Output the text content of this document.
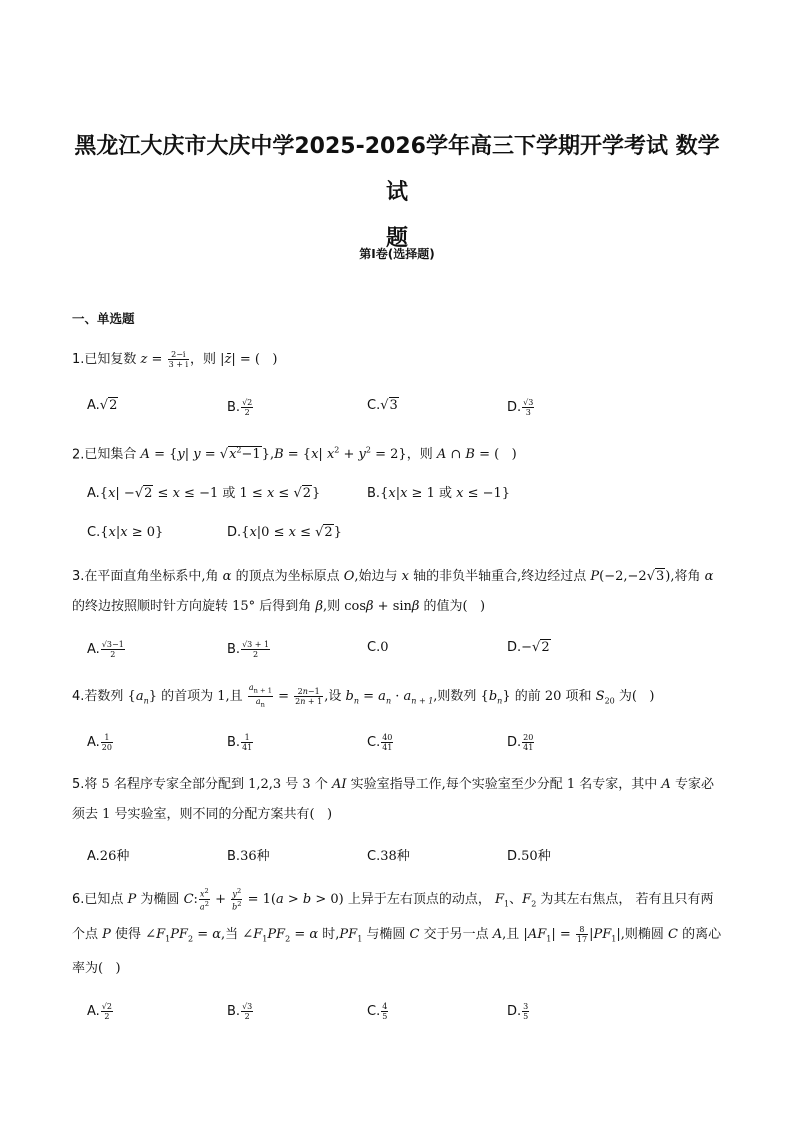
黑龙江大庆市大庆中学2025-2026学年高三下学期开学考试 数学试
题
第I卷(选择题)
一、单选题
1.已知复数 $z = \frac{2-i}{3 + i}$ ，则 |z̄| = (   )
A.√2	B. $\frac{√2}{2}$	C.√3	D. $\frac{√3}{3}$
2.已知集合 A = {y| $y = √x^2-1\},B = \{x|$ $x^2 + y^2 = 2$}，则 A ∩ B = (   )
A.{x| −√2 ≤ x ≤ −1 或 1 ≤ x ≤ √2}	B.{x|x ≥ 1 或 x ≤ −1}
C.{x|x ≥ 0}	D.{x|0 ≤ x ≤ √2}
3.在平面直角坐标系中,角 α 的顶点为坐标原点 O,始边与 x 轴的非负半轴重合,终边经过点 P(−2,−2√3),将角 α 的终边按照顺时针方向旋转 15° 后得到角 β,则 cosβ + sinβ 的值为(   )
A. $\frac{√3-1}{2}$	B. $\frac{√3 + 1}{2}$	C.0	D.−√2
4.若数列 $\{a_n\}$ 的首项为 1,且 $\frac{a_{n + 1}}{a_n} = \frac{2n-1}{2n + 1}$ ,设 $b_n = a_n \cdot a_{n + 1}$,则数列 $\{b_n\}$ 的前 20 项和 $S_{20}$ 为(   )
A. $\frac{1}{20}$	B. $\frac{1}{41}$	C. $\frac{40}{41}$	D. $\frac{20}{41}$
5.将 5 名程序专家全部分配到 1,2,3 号 3 个 AI 实验室指导工作,每个实验室至少分配 1 名专家，其中 A 专家必须去 1 号实验室，则不同的分配方案共有(   )
A.26种	B.36种	C.38种	D.50种
6.已知点 P 为椭圆 C: $\frac{x^2}{a^2} + \frac{y^2}{b^2} = 1(a > b > 0)$ 上异于左右顶点的动点， $F_1$、$F_2$ 为其左右焦点， 若有且只有两个点 P 使得 $\angle F_1PF_2 = \alpha$,当 $\angle F_1PF_2 = \alpha$ 时$,PF_1$ 与椭圆 C 交于另一点 A,且 $|AF_1| = \frac{8}{17} |PF_1|$,则椭圆 C 的离心率为(   )
A. $\frac{√2}{2}$	B. $\frac{√3}{2}$	C. $\frac{4}{5}$	D. $\frac{3}{5}$
